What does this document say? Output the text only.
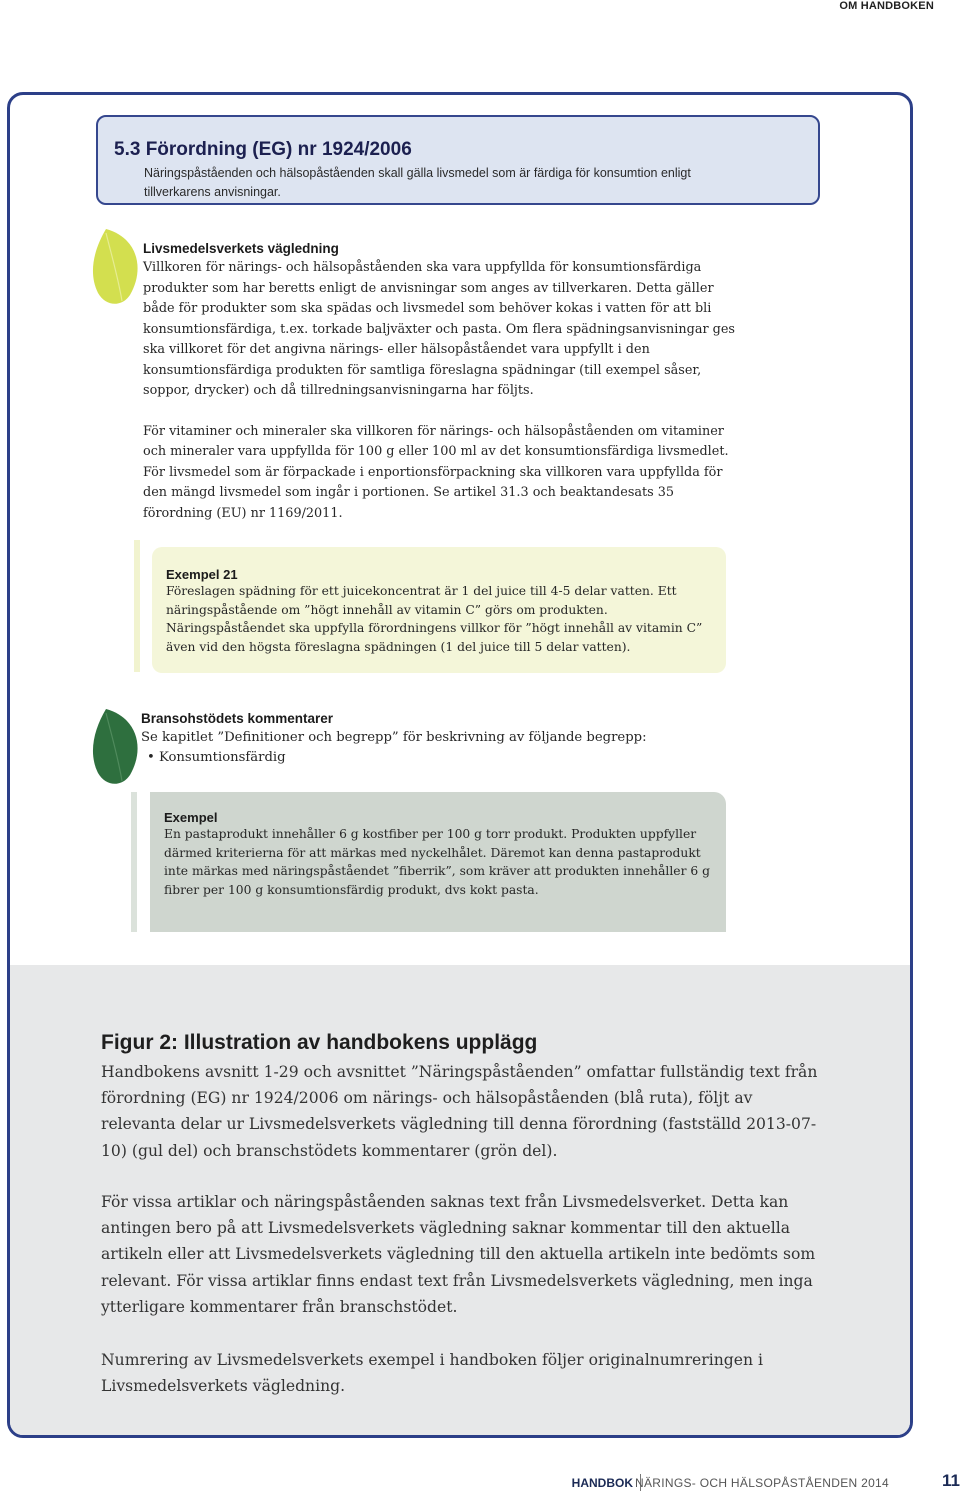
OM HANDBOKEN
5.3 Förordning (EG) nr 1924/2006
Näringspåståenden och hälsopåståenden skall gälla livsmedel som är färdiga för konsumtion enligt tillverkarens anvisningar.
Livsmedelsverkets vägledning

Villkoren för närings- och hälsopåståenden ska vara uppfyllda för konsumtionsfärdiga produkter som har beretts enligt de anvisningar som anges av tillverkaren. Detta gäller både för produkter som ska spädas och livsmedel som behöver kokas i vatten för att bli konsumtionsfärdiga, t.ex. torkade baljväxter och pasta. Om flera spädningsanvisningar ges ska villkoret för det angivna närings- eller hälsopåståendet vara uppfyllt i den konsumtionsfärdiga produkten för samtliga föreslagna spädningar (till exempel såser, soppor, drycker) och då tillredningsanvisningarna har följts.

För vitaminer och mineraler ska villkoren för närings- och hälsopåståenden om vitaminer och mineraler vara uppfyllda för 100 g eller 100 ml av det konsumtionsfärdiga livsmedlet. För livsmedel som är förpackade i enportionsförpackning ska villkoren vara uppfyllda för den mängd livsmedel som ingår i portionen. Se artikel 31.3 och beaktandesats 35 förordning (EU) nr 1169/2011.

Exempel 21

Föreslagen spädning för ett juicekoncentrat är 1 del juice till 4-5 delar vatten. Ett näringspåstående om ”högt innehåll av vitamin C” görs om produkten. Näringspåståendet ska uppfylla förordningens villkor för ”högt innehåll av vitamin C” även vid den högsta föreslagna spädningen (1 del juice till 5 delar vatten).

Bransohstödets kommentarer

Se kapitlet ”Definitioner och begrepp” för beskrivning av följande begrepp:

• Konsumtionsfärdig

Exempel

En pastaprodukt innehåller 6 g kostfiber per 100 g torr produkt. Produkten uppfyller därmed kriterierna för att märkas med nyckelhålet. Däremot kan denna pastaprodukt inte märkas med näringspåståendet ”fiberrik”, som kräver att produkten innehåller 6 g fibrer per 100 g konsumtionsfärdig produkt, dvs kokt pasta.

Figur 2: Illustration av handbokens upplägg

Handbokens avsnitt 1-29 och avsnittet ”Näringspåståenden” omfattar fullständig text från förordning (EG) nr 1924/2006 om närings- och hälsopåståenden (blå ruta), följt av relevanta delar ur Livsmedelsverkets vägledning till denna förordning (fastställd 2013-07-10) (gul del) och branschstödets kommentarer (grön del).

För vissa artiklar och näringspåståenden saknas text från Livsmedelsverket. Detta kan antingen bero på att Livsmedelsverkets vägledning saknar kommentar till den aktuella artikeln eller att Livsmedelsverkets vägledning till den aktuella artikeln inte bedömts som relevant. För vissa artiklar finns endast text från Livsmedelsverkets vägledning, men inga ytterligare kommentarer från branschstödet.

Numrering av Livsmedelsverkets exempel i handboken följer originalnumreringen i Livsmedelsverkets vägledning.

HANDBOK NÄRINGS- OCH HÄLSOPÅSTÅENDEN 2014	11
